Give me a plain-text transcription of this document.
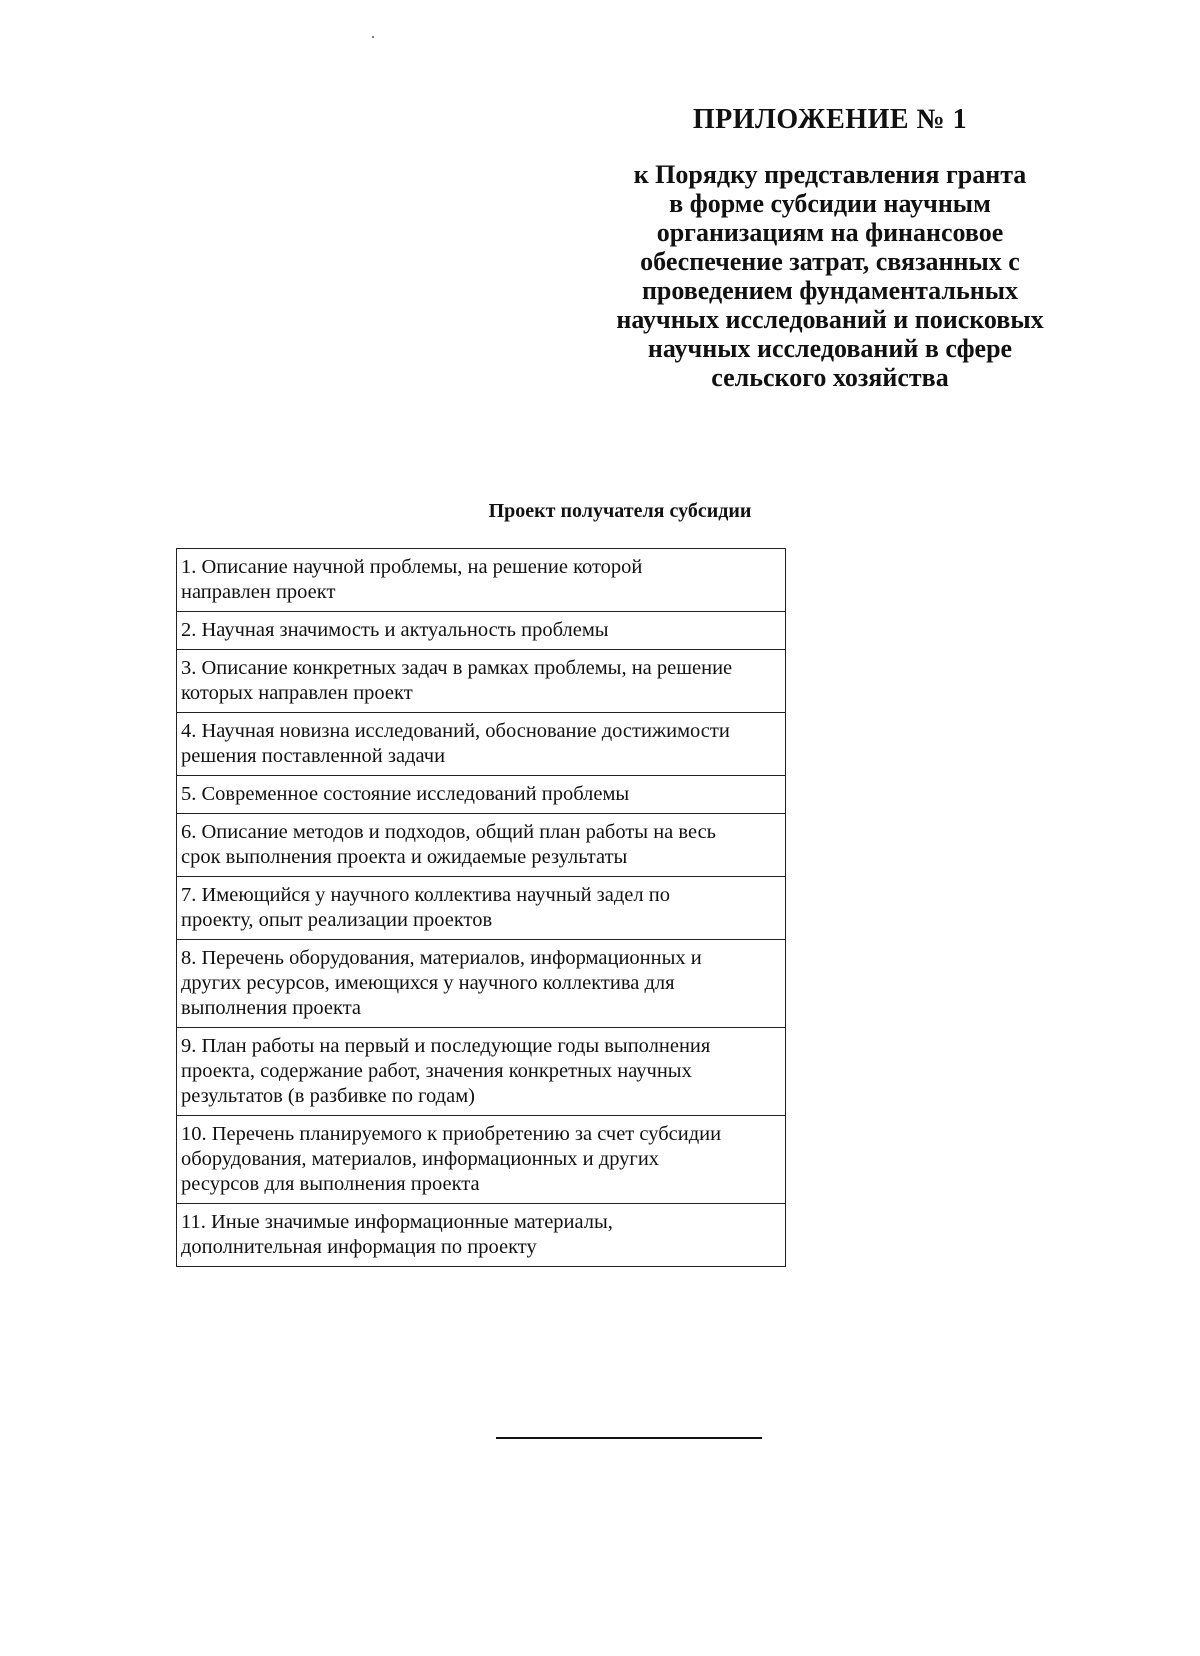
ПРИЛОЖЕНИЕ № 1

к Порядку представления гранта
в форме субсидии научным
организациям на финансовое
обеспечение затрат, связанных с
проведением фундаментальных
научных исследований и поисковых
научных исследований в сфере
сельского хозяйства

Проект получателя субсидии
1. Описание научной проблемы, на решение которой
направлен проект

2. Научная значимость и актуальность проблемы

3. Описание конкретных задач в рамках проблемы, на решение
которых направлен проект

4. Научная новизна исследований, обоснование достижимости
решения поставленной задачи

5. Современное состояние исследований проблемы

6. Описание методов и подходов, общий план работы на весь
срок выполнения проекта и ожидаемые результаты

7. Имеющийся у научного коллектива научный задел по
проекту, опыт реализации проектов

8. Перечень оборудования, материалов, информационных и
других ресурсов, имеющихся у научного коллектива для
выполнения проекта

9. План работы на первый и последующие годы выполнения
проекта, содержание работ, значения конкретных научных
результатов (в разбивке по годам)

10. Перечень планируемого к приобретению за счет субсидии
оборудования, материалов, информационных и других
ресурсов для выполнения проекта

11. Иные значимые информационные материалы,
дополнительная информация по проекту
